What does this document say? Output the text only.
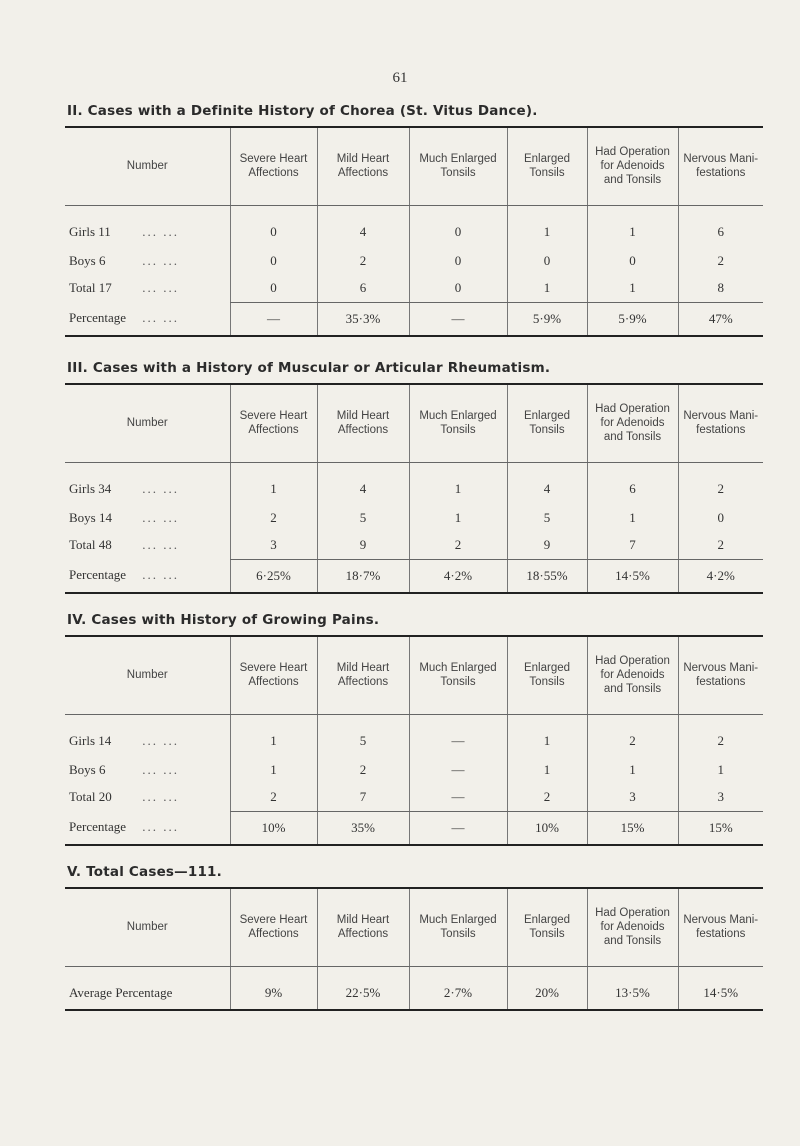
61
II. Cases with a Definite History of Chorea (St. Vitus Dance).
Number	Severe Heart Affections	Mild Heart Affections	Much Enlarged Tonsils	Enlarged Tonsils	Had Operation for Adenoids and Tonsils	Nervous Mani-festations
Girls 11 ... ...	0	4	0	1	1	6
Boys 6 ... ...	0	2	0	0	0	2
Total 17 ... ...	0	6	0	1	1	8
Percentage ... ...	—	35·3%	—	5·9%	5·9%	47%
III. Cases with a History of Muscular or Articular Rheumatism.
Number	Severe Heart Affections	Mild Heart Affections	Much Enlarged Tonsils	Enlarged Tonsils	Had Operation for Adenoids and Tonsils	Nervous Mani-festations
Girls 34 ... ...	1	4	1	4	6	2
Boys 14 ... ...	2	5	1	5	1	0
Total 48 ... ...	3	9	2	9	7	2
Percentage ... ...	6·25%	18·7%	4·2%	18·55%	14·5%	4·2%
IV. Cases with History of Growing Pains.
Number	Severe Heart Affections	Mild Heart Affections	Much Enlarged Tonsils	Enlarged Tonsils	Had Operation for Adenoids and Tonsils	Nervous Mani-festations
Girls 14 ... ...	1	5	—	1	2	2
Boys 6 ... ...	1	2	—	1	1	1
Total 20 ... ...	2	7	—	2	3	3
Percentage ... ...	10%	35%	—	10%	15%	15%
V. Total Cases—111.
Number	Severe Heart Affections	Mild Heart Affections	Much Enlarged Tonsils	Enlarged Tonsils	Had Operation for Adenoids and Tonsils	Nervous Mani-festations
Average Percentage	9%	22·5%	2·7%	20%	13·5%	14·5%
